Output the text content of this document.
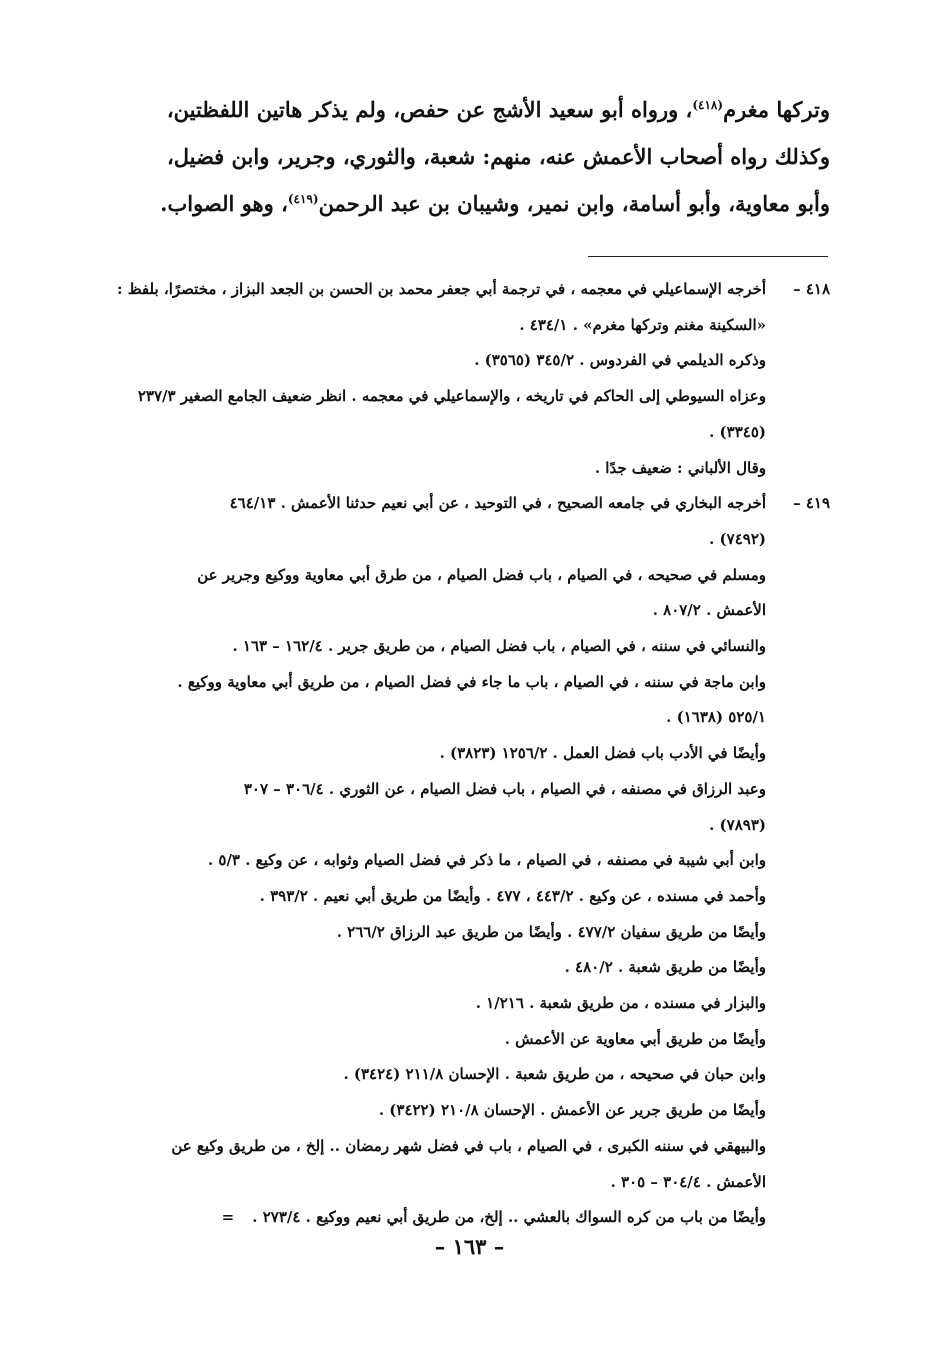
وتركها مغرم$^{(٤١٨)}$، ورواه أبو سعيد الأشج عن حفص، ولم يذكر هاتين اللفظتين،
وكذلك رواه أصحاب الأعمش عنه، منهم: شعبة، والثوري، وجرير، وابن فضيل،
وأبو معاوية، وأبو أسامة، وابن نمير، وشيبان بن عبد الرحمن$^{(٤١٩)}$، وهو الصواب.
٤١٨ –
أخرجه الإسماعيلي في معجمه ، في ترجمة أبي جعفر محمد بن الحسن بن الجعد البزاز ، مختصرًا، بلفظ :
«السكينة مغنم وتركها مغرم» . ٤٣٤/١ .
وذكره الديلمي في الفردوس . ٣٤٥/٢ (٣٥٦٥) .
وعزاه السيوطي إلى الحاكم في تاريخه ، والإسماعيلي في معجمه . انظر ضعيف الجامع الصغير ٢٣٧/٣
(٣٣٤٥) .
وقال الألباني : ضعيف جدًا .
٤١٩ –
أخرجه البخاري في جامعه الصحيح ، في التوحيد ، عن أبي نعيم حدثنا الأعمش . ٤٦٤/١٣
(٧٤٩٢) .
ومسلم في صحيحه ، في الصيام ، باب فضل الصيام ، من طرق أبي معاوية ووكيع وجرير عن
الأعمش . ٨٠٧/٢ .
والنسائي في سننه ، في الصيام ، باب فضل الصيام ، من طريق جرير . ١٦٢/٤ – ١٦٣ .
وابن ماجة في سننه ، في الصيام ، باب ما جاء في فضل الصيام ، من طريق أبي معاوية ووكيع .
٥٢٥/١ (١٦٣٨) .
وأيضًا في الأدب باب فضل العمل . ١٢٥٦/٢ (٣٨٢٣) .
وعبد الرزاق في مصنفه ، في الصيام ، باب فضل الصيام ، عن الثوري . ٣٠٦/٤ – ٣٠٧
(٧٨٩٣) .
وابن أبي شيبة في مصنفه ، في الصيام ، ما ذكر في فضل الصيام وثوابه ، عن وكيع . ٥/٣ .
وأحمد في مسنده ، عن وكيع . ٤٤٣/٢ ، ٤٧٧ . وأيضًا من طريق أبي نعيم . ٣٩٣/٢ .
وأيضًا من طريق سفيان ٤٧٧/٢ . وأيضًا من طريق عبد الرزاق ٢٦٦/٢ .
وأيضًا من طريق شعبة . ٤٨٠/٢ .
والبزار في مسنده ، من طريق شعبة . ١/٢١٦ .
وأيضًا من طريق أبي معاوية عن الأعمش .
وابن حبان في صحيحه ، من طريق شعبة . الإحسان ٢١١/٨ (٣٤٢٤) .
وأيضًا من طريق جرير عن الأعمش . الإحسان ٢١٠/٨ (٣٤٢٢) .
والبيهقي في سننه الكبرى ، في الصيام ، باب في فضل شهر رمضان .. إلخ ، من طريق وكيع عن
الأعمش . ٣٠٤/٤ – ٣٠٥ .
وأيضًا من باب من كره السواك بالعشي .. إلخ، من طريق أبي نعيم ووكيع . ٢٧٣/٤ .=
– ١٦٣ –
